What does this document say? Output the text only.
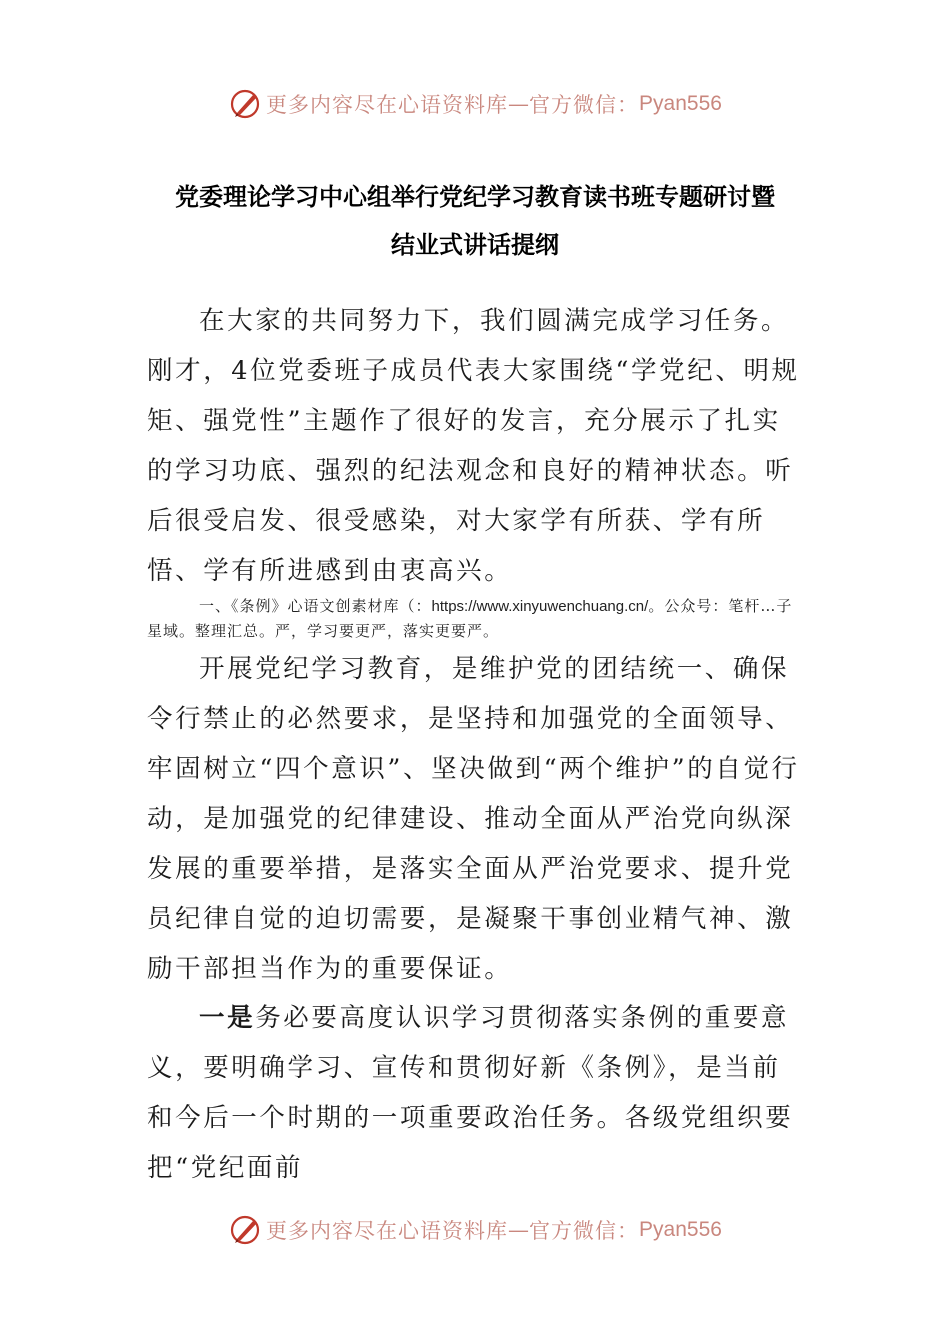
更多内容尽在心语资料库 — 官方微信： Pyan556
党委理论学习中心组举行党纪学习教育读书班专题研讨暨
结业式讲话提纲
在大家的共同努力下，我们圆满完成学习任务。刚才，4位党委班子成员代表大家围绕“学党纪、明规矩、强党性”主题作了很好的发言，充分展示了扎实的学习功底、强烈的纪法观念和良好的精神状态。听后很受启发、很受感染，对大家学有所获、学有所悟、学有所进感到由衷高兴。
一、《条例》心语文创素材库（：https://www.xinyuwenchuang.cn/。公众号：笔杆…子星域。整理汇总。严，学习要更严，落实更要严。
开展党纪学习教育，是维护党的团结统一、确保令行禁止的必然要求，是坚持和加强党的全面领导、牢固树立“四个意识”、坚决做到“两个维护”的自觉行动，是加强党的纪律建设、推动全面从严治党向纵深发展的重要举措，是落实全面从严治党要求、提升党员纪律自觉的迫切需要，是凝聚干事创业精气神、激励干部担当作为的重要保证。
一是务必要高度认识学习贯彻落实条例的重要意义，要明确学习、宣传和贯彻好新《条例》，是当前和今后一个时期的一项重要政治任务。各级党组织要把“党纪面前
更多内容尽在心语资料库 — 官方微信： Pyan556
